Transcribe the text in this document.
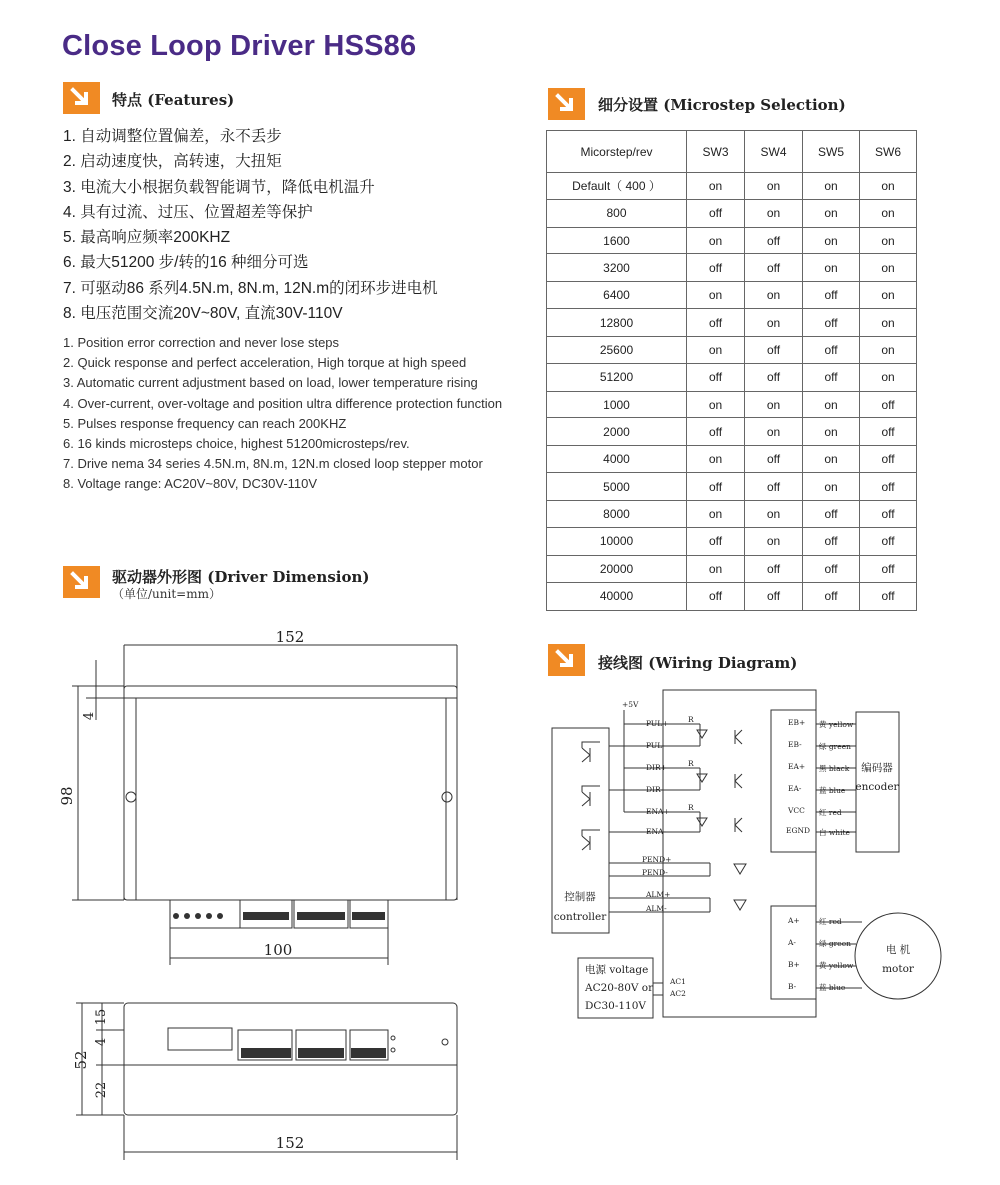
Close Loop Driver HSS86
特点 (Features)
1. 自动调整位置偏差，永不丢步
2. 启动速度快，高转速，大扭矩
3. 电流大小根据负载智能调节，降低电机温升
4. 具有过流、过压、位置超差等保护
5. 最高响应频率200KHZ
6. 最大51200 步/转的16 种细分可选
7. 可驱动86 系列4.5N.m, 8N.m, 12N.m的闭环步进电机
8. 电压范围交流20V~80V, 直流30V-110V
1. Position error correction and never lose steps
2. Quick response and perfect acceleration, High torque at high speed
3. Automatic current adjustment based on load, lower temperature rising
4. Over-current, over-voltage and position ultra difference protection function
5. Pulses response frequency can reach 200KHZ
6. 16 kinds microsteps choice, highest 51200microsteps/rev.
7. Drive nema 34 series 4.5N.m, 8N.m, 12N.m closed loop stepper motor
8. Voltage range: AC20V~80V, DC30V-110V
细分设置 (Microstep Selection)
Micorstep/rev	SW3	SW4	SW5	SW6
Default（ 400 ）	on	on	on	on
800	off	on	on	on
1600	on	off	on	on
3200	off	off	on	on
6400	on	on	off	on
12800	off	on	off	on
25600	on	off	off	on
51200	off	off	off	on
1000	on	on	on	off
2000	off	on	on	off
4000	on	off	on	off
5000	off	off	on	off
8000	on	on	off	off
10000	off	on	off	off
20000	on	off	off	off
40000	off	off	off	off
驱动器外形图 (Driver Dimension)
（单位/unit=mm）
152
98
4
100
52
15
4
22
152
接线图 (Wiring Diagram)
+5V
PUL+
PUL-
DIR+
DIR-
ENA+
ENA-
PEND+
PEND-
ALM+
ALM-
AC1
AC2
R
R
R
EB+
EB-
EA+
EA-
VCC
EGND
黄 yellow
绿 green
黑 black
蓝 blue
红 red
白 white
A+
A-
B+
B-
红 red
绿 green
黄 yellow
蓝 blue
控制器
controller
电源 voltage
AC20-80V or
DC30-110V
编码器
encoder
电 机
motor
